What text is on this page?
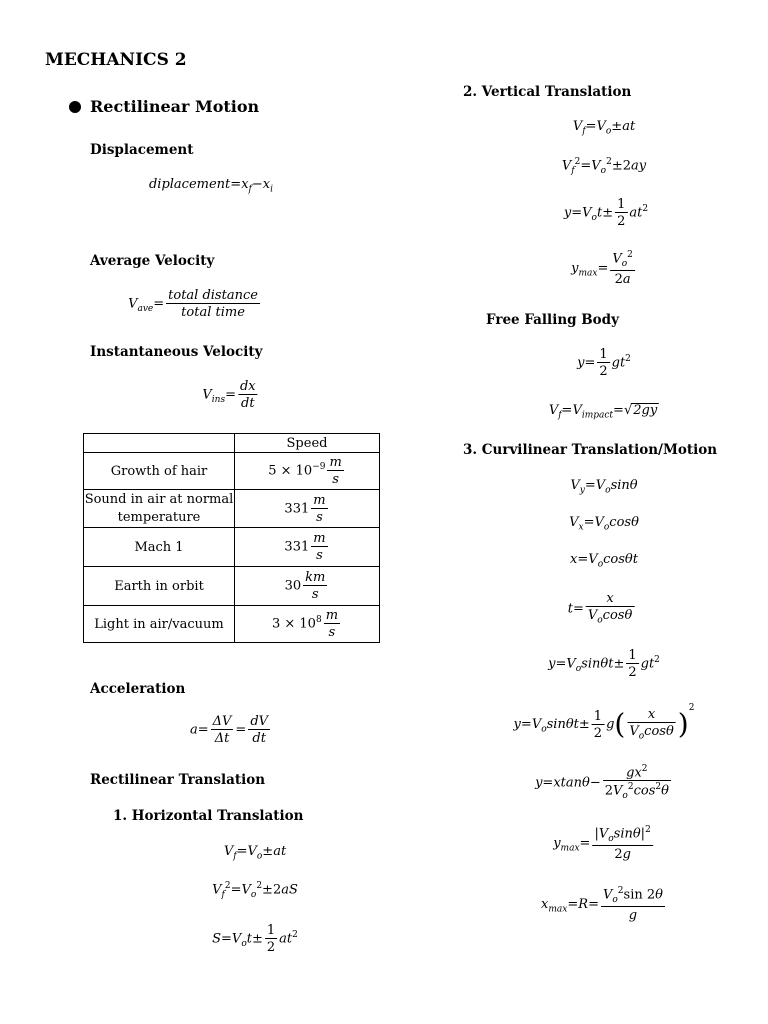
MECHANICS 2
Rectilinear Motion
Displacement
$diplacement=x_f-x_i$
Average Velocity
$V_{ave}= \frac{\text{total distance}}{\text{total time}}$
Instantaneous Velocity
$V_{ins}= \frac{dx}{dt}$
	Speed
Growth of hair	$5 \times 10^{-9} \frac{m}{s}$

Sound in air at normal temperature	$331 \frac{m}{s}$

Mach 1	$331 \frac{m}{s}$

Earth in orbit	$30 \frac{km}{s}$

Light in air/vacuum	$3 \times 10^8 \frac{m}{s}$
Acceleration
$a= \frac{\Delta V}{\Delta t} = \frac{dV}{dt}$
Rectilinear Translation
1. Horizontal Translation
$V_f=V_o\pm at$
$V_f^2=V_o^2\pm 2aS$
$S=V_ot\pm \frac{1}{2} at^2$
2. Vertical Translation
$V_f=V_o\pm at$
$V_f^2=V_o^2\pm 2ay$
$y=V_ot\pm \frac{1}{2} at^2$
$y_{max}= \frac{V_o^2}{2a}$
Free Falling Body
$y= \frac{1}{2} gt^2$
$V_f=V_{impact}=√2gy$
3. Curvilinear Translation/Motion
$V_y=V_o\sin\theta$
$V_x=V_o\cos\theta$
$x=V_o\cos\theta t$
$t= \frac{x}{V_o\cos\theta}$
$y=V_o\sin\theta t\pm \frac{1}{2} gt^2$
$y=V_o\sin\theta t\pm \frac{1}{2} g( \frac{x}{V_o\cos\theta} )^2$
$y=xtan\theta- \frac{gx^2}{2V_o^2\cos^2\theta}$
$y_{max}= \frac{|V_o\sin\theta|^2}{2g}$
$x_{max}=R= \frac{V_o^2\sin 2\theta}{g}$
